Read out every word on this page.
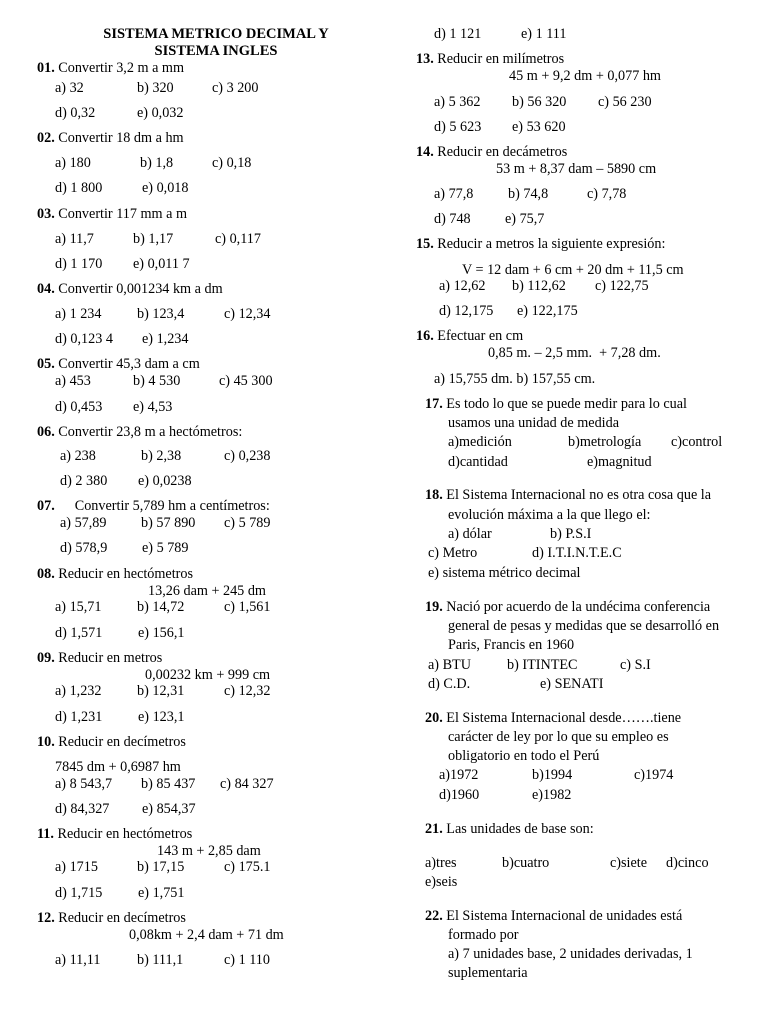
SISTEMA METRICO DECIMAL Y
SISTEMA INGLES
01. Convertir 3,2 m a mm
a) 32	b) 320	c) 3 200
d) 0,32	e) 0,032
02. Convertir 18 dm a hm
a) 180	b) 1,8	c) 0,18
d) 1 800	e) 0,018
03. Convertir 117 mm a m
a) 11,7	b) 1,17	c) 0,117
d) 1 170 e) 0,011 7
04. Convertir 0,001234 km a dm
a) 1 234	b) 123,4	c) 12,34
d) 0,123 4 e) 1,234
05. Convertir 45,3 dam a cm
a) 453	b) 4 530	c) 45 300
d) 0,453 e) 4,53
06. Convertir 23,8 m a hectómetros:
a) 238	b) 2,38	c) 0,238
d) 2 380 e) 0,0238
07. Convertir 5,789 hm a centímetros:
a) 57,89 b) 57 890 c) 5 789
d) 578,9 e) 5 789
08. Reducir en hectómetros
13,26 dam + 245 dm
a) 15,71	b) 14,72	c) 1,561
d) 1,571	e) 156,1
09. Reducir en metros
0,00232 km + 999 cm
a) 1,232	b) 12,31	c) 12,32
d) 1,231	e) 123,1
10. Reducir en decímetros
7845 dm + 0,6987 hm
a) 8 543,7 b) 85 437 c) 84 327
d) 84,327 e) 854,37
11. Reducir en hectómetros
143 m + 2,85 dam
a) 1715	b) 17,15	c) 175.1
d) 1,715	e) 1,751
12. Reducir en decímetros
0,08km + 2,4 dam + 71 dm
a) 11,11	b) 111,1	c) 1 110
d) 1 121	e) 1 111
13. Reducir en milímetros
45 m + 9,2 dm + 0,077 hm
a) 5 362 b) 56 320 c) 56 230
d) 5 623 e) 53 620
14. Reducir en decámetros
53 m + 8,37 dam – 5890 cm
a) 77,8 b) 74,8	c) 7,78
d) 748 e) 75,7
15. Reducir a metros la siguiente expresión:
V = 12 dam + 6 cm + 20 dm + 11,5 cm
a) 12,62 b) 112,62 c) 122,75
d) 12,175 e) 122,175
16. Efectuar en cm
0,85 m. – 2,5 mm.  + 7,28 dm.
a) 15,755 dm. b) 157,55 cm.
17. Es todo lo que se puede medir para lo cual
usamos una unidad de medida
a)medición	b)metrología c)control
d)cantidad	e)magnitud
18. El Sistema Internacional no es otra cosa que la
evolución máxima a la que llego el:
a) dólar	b) P.S.I
c) Metro	d) I.T.I.N.T.E.C
e) sistema métrico decimal
19. Nació por acuerdo de la undécima conferencia
general de pesas y medidas que se desarrolló en
Paris, Francis en 1960
a) BTU	b) ITINTEC	c) S.I
d) C.D.	e) SENATI
20. El Sistema Internacional desde…….tiene
carácter de ley por lo que su empleo es
obligatorio en todo el Perú
a)1972	b)1994	c)1974
d)1960	e)1982
21. Las unidades de base son:
a)tres	b)cuatro	c)siete d)cinco
e)seis
22. El Sistema Internacional de unidades está
formado por
a) 7 unidades base, 2 unidades derivadas, 1
suplementaria
